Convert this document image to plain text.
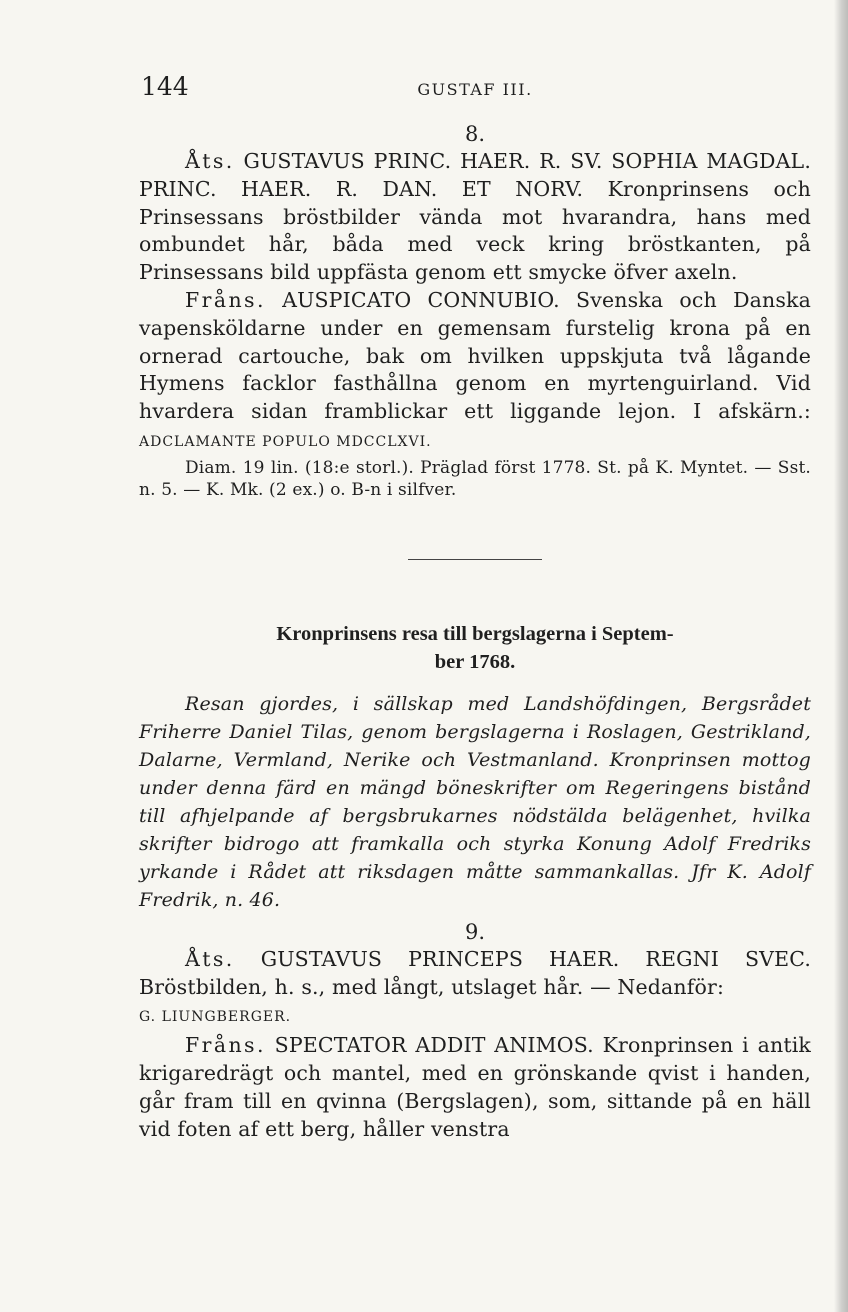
144	GUSTAF III.
8.

Åts. GUSTAVUS PRINC. HAER. R. SV. SOPHIA MAGDAL. PRINC. HAER. R. DAN. ET NORV. Kronprinsens och Prinsessans bröstbilder vända mot hvarandra, hans med ombundet hår, båda med veck kring bröstkanten, på Prinsessans bild uppfästa genom ett smycke öfver axeln.

Fråns. AUSPICATO CONNUBIO. Svenska och Danska vapensköldarne under en gemensam furstelig krona på en ornerad cartouche, bak om hvilken uppskjuta två lågande Hymens facklor fasthållna genom en myrtenguirland. Vid hvardera sidan framblickar ett liggande lejon. I afskärn.: ADCLAMANTE POPULO MDCCLXVI.

Diam. 19 lin. (18:e storl.). Präglad först 1778. St. på K. Myntet. — Sst. n. 5. — K. Mk. (2 ex.) o. B-n i silfver.

Kronprinsens resa till bergslagerna i Septem-
ber 1768.

Resan gjordes, i sällskap med Landshöfdingen, Bergsrådet Friherre Daniel Tilas, genom bergslagerna i Roslagen, Gestrikland, Dalarne, Vermland, Nerike och Vestmanland. Kronprinsen mottog under denna färd en mängd böneskrifter om Regeringens bistånd till afhjelpande af bergsbrukarnes nödstälda belägenhet, hvilka skrifter bidrogo att framkalla och styrka Konung Adolf Fredriks yrkande i Rådet att riksdagen måtte sammankallas. Jfr K. Adolf Fredrik, n. 46.

9.

Åts. GUSTAVUS PRINCEPS HAER. REGNI SVEC. Bröstbilden, h. s., med långt, utslaget hår. — Nedanför:

G. LIUNGBERGER.

Fråns. SPECTATOR ADDIT ANIMOS. Kronprinsen i antik krigaredrägt och mantel, med en grönskande qvist i handen, går fram till en qvinna (Bergslagen), som, sittande på en häll vid foten af ett berg, håller venstra
